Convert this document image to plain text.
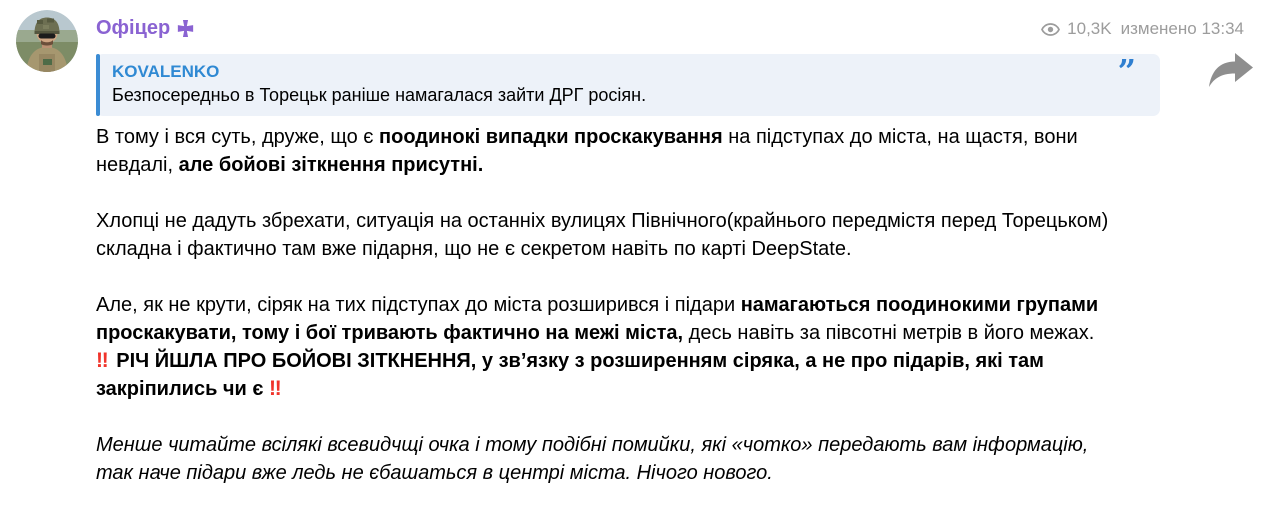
Офіцер	10,3K изменено 13:34
KOVALENKO
Безпосередньо в Торецьк раніше намагалася зайти ДРГ росіян.
”

В тому і вся суть, друже, що є поодинокі випадки проскакування на підступах до міста, на щастя, вони невдалі, але бойові зіткнення присутні.

Хлопці не дадуть збрехати, ситуація на останніх вулицях Північного(крайнього передмістя перед Торецьком) складна і фактично там вже підарня, що не є секретом навіть по карті DeepState.

Але, як не крути, сіряк на тих підступах до міста розширився і підари намагаються поодинокими групами проскакувати, тому і бої тривають фактично на межі міста, десь навіть за півсотні метрів в його межах.

‼ РІЧ ЙШЛА ПРО БОЙОВІ ЗІТКНЕННЯ, у зв’язку з розширенням сіряка, а не про підарів, які там закріпились чи є ‼

Менше читайте всілякі всевидчщі очка і тому подібні помийки, які «чотко» передають вам інформацію, так наче підари вже ледь не єбашаться в центрі міста. Нічого нового.
